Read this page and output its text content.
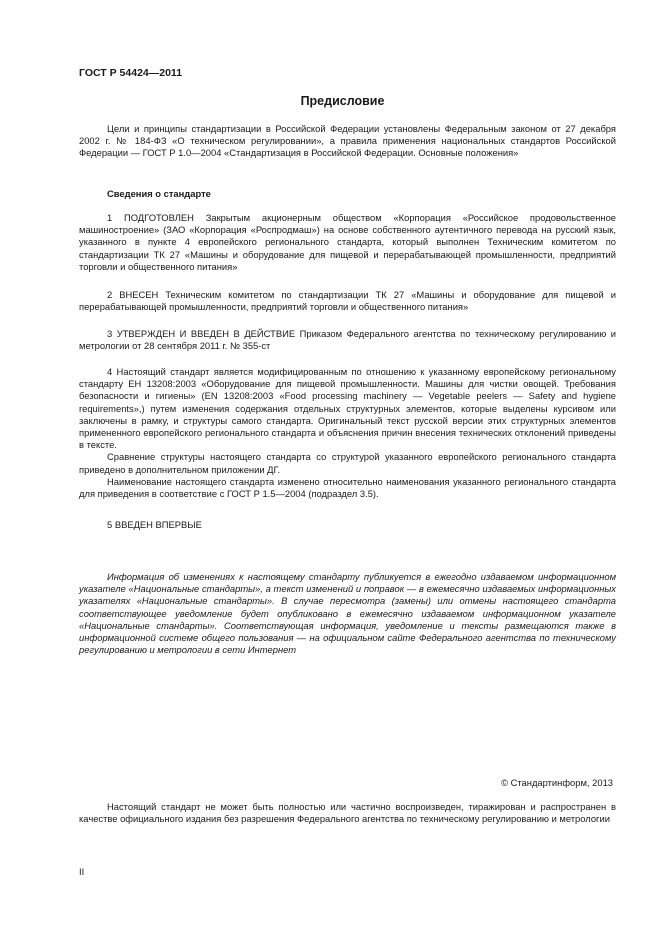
ГОСТ Р 54424—2011
Предисловие

Цели и принципы стандартизации в Российской Федерации установлены Федеральным законом от 27 декабря 2002 г. № 184-ФЗ «О техническом регулировании», а правила применения национальных стандартов Российской Федерации — ГОСТ Р 1.0—2004 «Стандартизация в Российской Федерации. Основные положения»

Сведения о стандарте

1 ПОДГОТОВЛЕН Закрытым акционерным обществом «Корпорация «Российское продовольственное машиностроение» (ЗАО «Корпорация «Роспродмаш») на основе собственного аутентичного перевода на русский язык, указанного в пункте 4 европейского регионального стандарта, который выполнен Техническим комитетом по стандартизации ТК 27 «Машины и оборудование для пищевой и перерабатывающей промышленности, предприятий торговли и общественного питания»

2 ВНЕСЕН Техническим комитетом по стандартизации ТК 27 «Машины и оборудование для пищевой и перерабатывающей промышленности, предприятий торговли и общественного питания»

3 УТВЕРЖДЕН И ВВЕДЕН В ДЕЙСТВИЕ Приказом Федерального агентства по техническому регулированию и метрологии от 28 сентября 2011 г. № 355-ст

4 Настоящий стандарт является модифицированным по отношению к указанному европейскому региональному стандарту ЕН 13208:2003 «Оборудование для пищевой промышленности. Машины для чистки овощей. Требования безопасности и гигиены» (EN 13208:2003 «Food processing machinery — Vegetable peelers — Safety and hygiene requirements»,) путем изменения содержания отдельных структурных элементов, которые выделены курсивом или заключены в рамку, и структуры самого стандарта. Оригинальный текст русской версии этих структурных элементов примененного европейского регионального стандарта и объяснения причин внесения технических отклонений приведены в тексте.

Сравнение структуры настоящего стандарта со структурой указанного европейского регионального стандарта приведено в дополнительном приложении ДГ.

Наименование настоящего стандарта изменено относительно наименования указанного регионального стандарта для приведения в соответствие с ГОСТ Р 1.5—2004 (подраздел 3.5).

5 ВВЕДЕН ВПЕРВЫЕ

Информация об изменениях к настоящему стандарту публикуется в ежегодно издаваемом информационном указателе «Национальные стандарты», а текст изменений и поправок — в ежемесячно издаваемых информационных указателях «Национальные стандарты». В случае пересмотра (замены) или отмены настоящего стандарта соответствующее уведомление будет опубликовано в ежемесячно издаваемом информационном указателе «Национальные стандарты». Соответствующая информация, уведомление и тексты размещаются также в информационной системе общего пользования — на официальном сайте Федерального агентства по техническому регулированию и метрологии в сети Интернет

© Стандартинформ, 2013

Настоящий стандарт не может быть полностью или частично воспроизведен, тиражирован и распространен в качестве официального издания без разрешения Федерального агентства по техническому регулированию и метрологии

II
